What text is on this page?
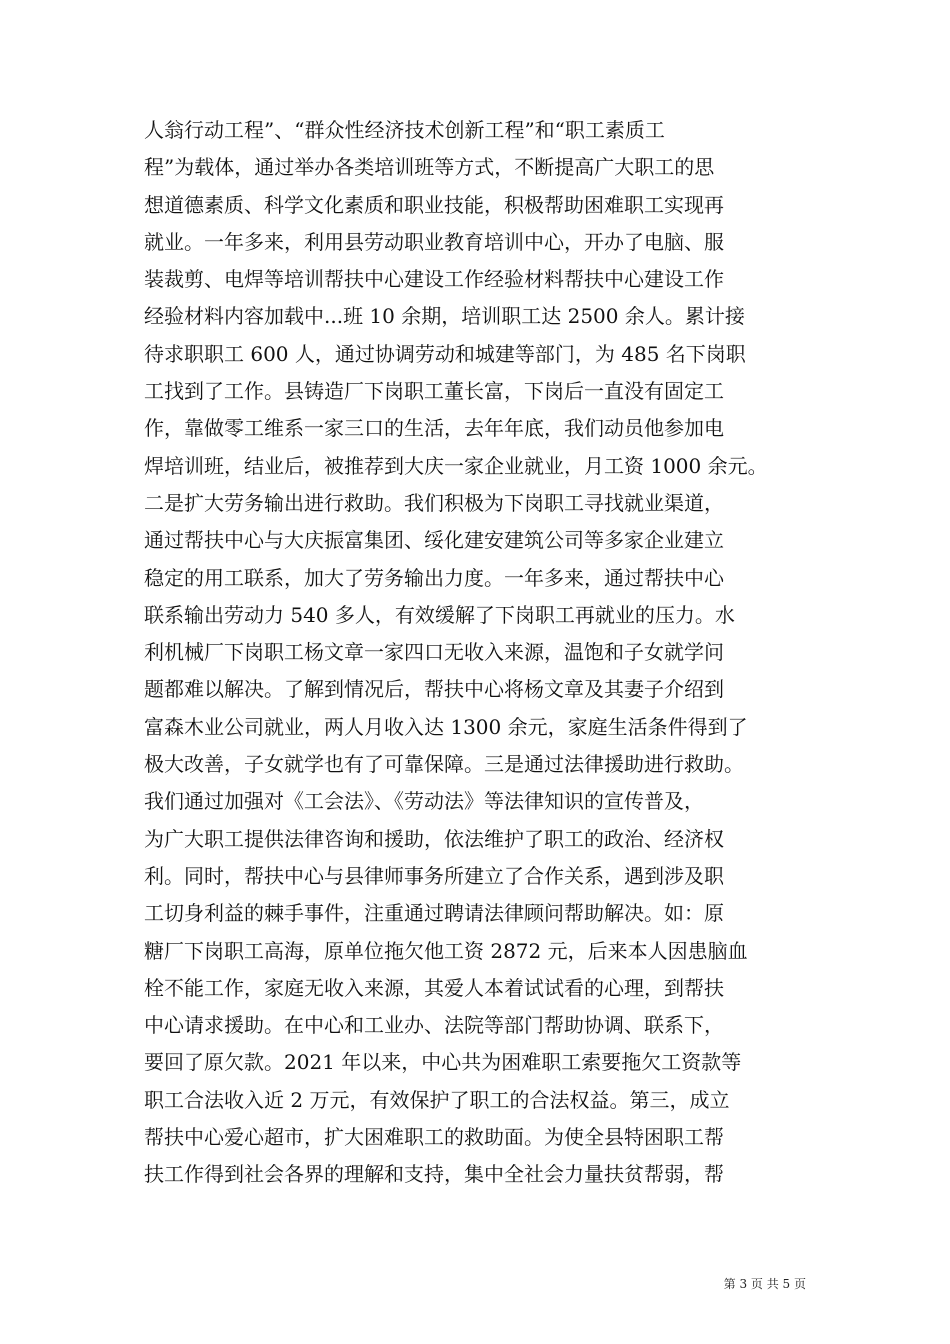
人翁行动工程”、“群众性经济技术创新工程”和“职工素质工
程”为载体，通过举办各类培训班等方式，不断提高广大职工的思
想道德素质、科学文化素质和职业技能，积极帮助困难职工实现再
就业。一年多来，利用县劳动职业教育培训中心，开办了电脑、服
装裁剪、电焊等培训帮扶中心建设工作经验材料帮扶中心建设工作
经验材料内容加载中...班 10 余期，培训职工达 2500 余人。累计接
待求职职工 600 人，通过协调劳动和城建等部门，为 485 名下岗职
工找到了工作。县铸造厂下岗职工董长富，下岗后一直没有固定工
作，靠做零工维系一家三口的生活，去年年底，我们动员他参加电
焊培训班，结业后，被推荐到大庆一家企业就业，月工资 1000 余元。
二是扩大劳务输出进行救助。我们积极为下岗职工寻找就业渠道，
通过帮扶中心与大庆振富集团、绥化建安建筑公司等多家企业建立
稳定的用工联系，加大了劳务输出力度。一年多来，通过帮扶中心
联系输出劳动力 540 多人，有效缓解了下岗职工再就业的压力。水
利机械厂下岗职工杨文章一家四口无收入来源，温饱和子女就学问
题都难以解决。了解到情况后，帮扶中心将杨文章及其妻子介绍到
富森木业公司就业，两人月收入达 1300 余元，家庭生活条件得到了
极大改善，子女就学也有了可靠保障。三是通过法律援助进行救助。
我们通过加强对《工会法》、《劳动法》等法律知识的宣传普及，
为广大职工提供法律咨询和援助，依法维护了职工的政治、经济权
利。同时，帮扶中心与县律师事务所建立了合作关系，遇到涉及职
工切身利益的棘手事件，注重通过聘请法律顾问帮助解决。如：原
糖厂下岗职工高海，原单位拖欠他工资 2872 元，后来本人因患脑血
栓不能工作，家庭无收入来源，其爱人本着试试看的心理，到帮扶
中心请求援助。在中心和工业办、法院等部门帮助协调、联系下，
要回了原欠款。2021 年以来，中心共为困难职工索要拖欠工资款等
职工合法收入近 2 万元，有效保护了职工的合法权益。第三，成立
帮扶中心爱心超市，扩大困难职工的救助面。为使全县特困职工帮
扶工作得到社会各界的理解和支持，集中全社会力量扶贫帮弱，帮
第 3 页 共 5 页
